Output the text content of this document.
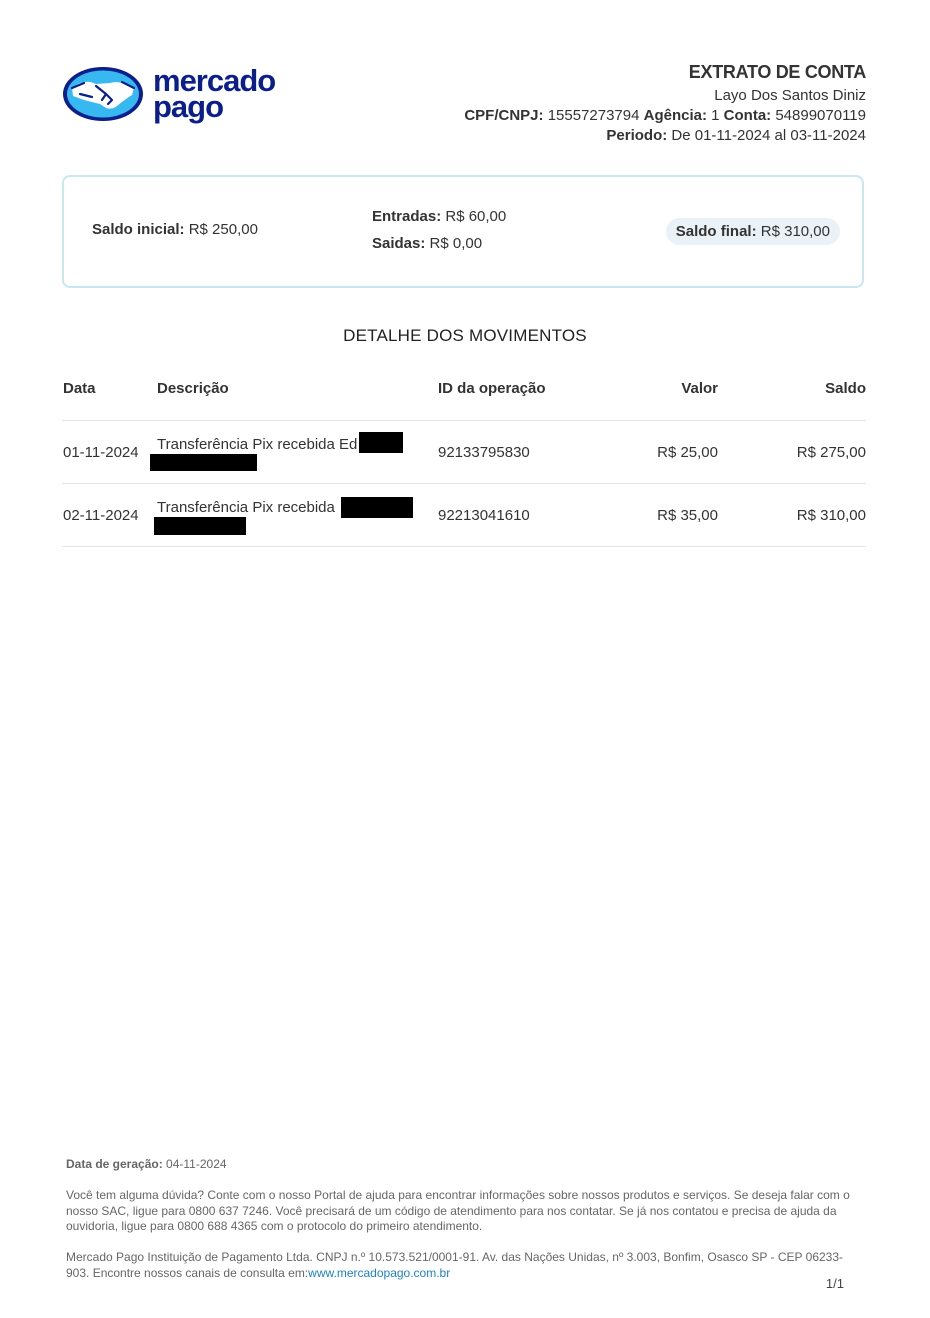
mercado
pago
EXTRATO DE CONTA
Layo Dos Santos Diniz
CPF/CNPJ: 15557273794 Agência: 1 Conta: 54899070119
Periodo: De 01-11-2024 al 03-11-2024
Saldo inicial: R$ 250,00
Entradas: R$ 60,00
Saidas: R$ 0,00
Saldo final: R$ 310,00
DETALHE DOS MOVIMENTOS
Data	Descrição	ID da operação	Valor	Saldo
01-11-2024 Transferência Pix recebida Ed	92133795830	R$ 25,00	R$ 275,00
02-11-2024 Transferência Pix recebida	92213041610	R$ 35,00	R$ 310,00
Data de geração: 04-11-2024
Você tem alguma dúvida? Conte com o nosso Portal de ajuda para encontrar informações sobre nossos produtos e serviços. Se deseja falar com o nosso SAC, ligue para 0800 637 7246. Você precisará de um código de atendimento para nos contatar. Se já nos contatou e precisa de ajuda da ouvidoria, ligue para 0800 688 4365 com o protocolo do primeiro atendimento.
Mercado Pago Instituição de Pagamento Ltda. CNPJ n.º 10.573.521/0001-91. Av. das Nações Unidas, nº 3.003, Bonfim, Osasco SP - CEP 06233-903. Encontre nossos canais de consulta em:www.mercadopago.com.br
1/1
